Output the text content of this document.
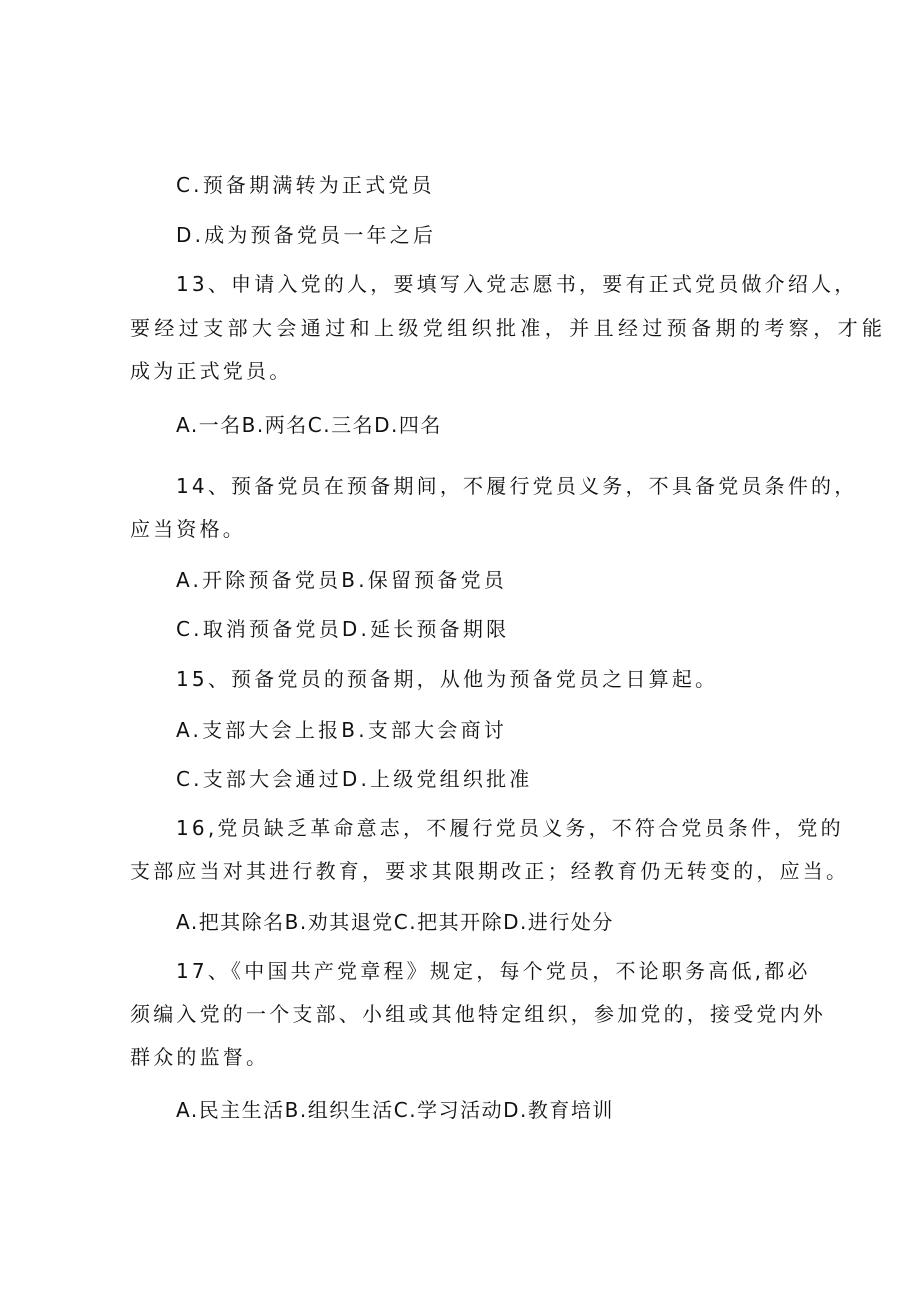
C.预备期满转为正式党员
D.成为预备党员一年之后
13、申请入党的人，要填写入党志愿书，要有正式党员做介绍人，
要经过支部大会通过和上级党组织批准，并且经过预备期的考察，才能
成为正式党员。
A.一名B.两名C.三名D.四名
14、预备党员在预备期间，不履行党员义务，不具备党员条件的，
应当资格。
A.开除预备党员B.保留预备党员
C.取消预备党员D.延长预备期限
15、预备党员的预备期，从他为预备党员之日算起。
A.支部大会上报B.支部大会商讨
C.支部大会通过D.上级党组织批准
16,党员缺乏革命意志，不履行党员义务，不符合党员条件，党的
支部应当对其进行教育，要求其限期改正；经教育仍无转变的，应当。
A.把其除名B.劝其退党C.把其开除D.进行处分
17、《中国共产党章程》规定，每个党员，不论职务高低,都必
须编入党的一个支部、小组或其他特定组织，参加党的，接受党内外
群众的监督。
A.民主生活B.组织生活C.学习活动D.教育培训
